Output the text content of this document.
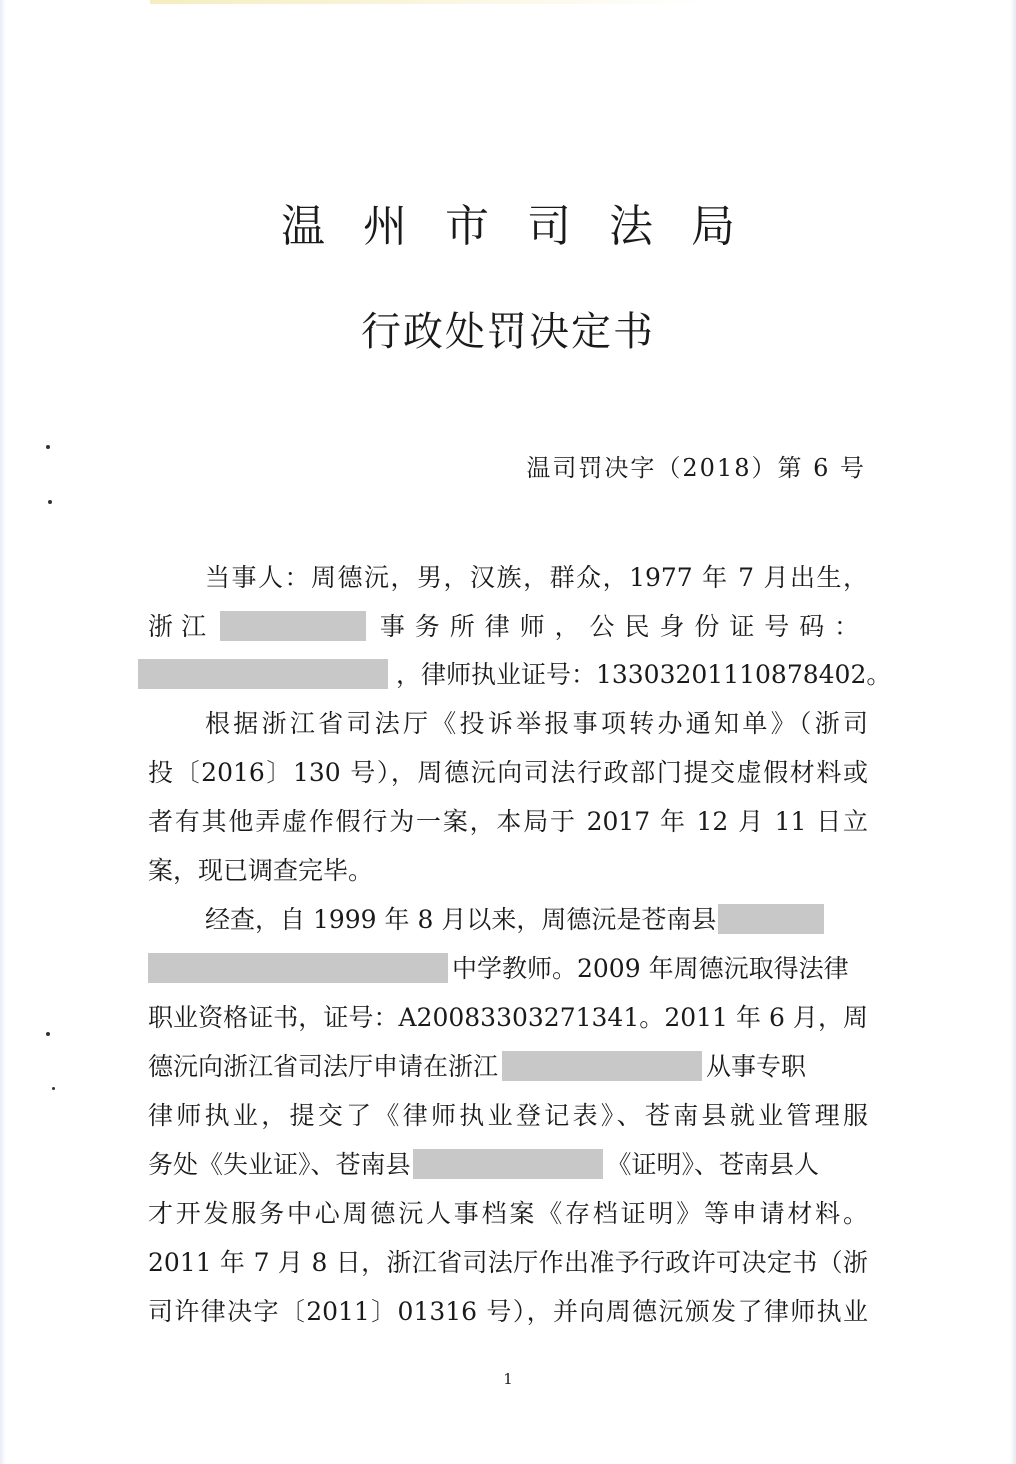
温州市司法局
行政处罚决定书
温司罚决字（2018）第 6 号
当事人：周德沅，男，汉族，群众，1977 年 7 月出生，
浙 江	事 务 所 律 师 ， 公 民 身 份 证 号 码 ：
，律师执业证号：13303201110878402。
根据浙江省司法厅《投诉举报事项转办通知单》（浙司
投〔2016〕130 号），周德沅向司法行政部门提交虚假材料或
者有其他弄虚作假行为一案，本局于 2017 年 12 月 11 日立
案，现已调查完毕。
经查，自 1999 年 8 月以来，周德沅是苍南县
中学教师。2009 年周德沅取得法律
职业资格证书，证号：A20083303271341。2011 年 6 月，周
德沅向浙江省司法厅申请在浙江	从事专职
律师执业，提交了《律师执业登记表》、苍南县就业管理服
务处《失业证》、苍南县	《证明》、苍南县人
才开发服务中心周德沅人事档案《存档证明》等申请材料。
2011 年 7 月 8 日，浙江省司法厅作出准予行政许可决定书（浙
司许律决字〔2011〕01316 号），并向周德沅颁发了律师执业
1
